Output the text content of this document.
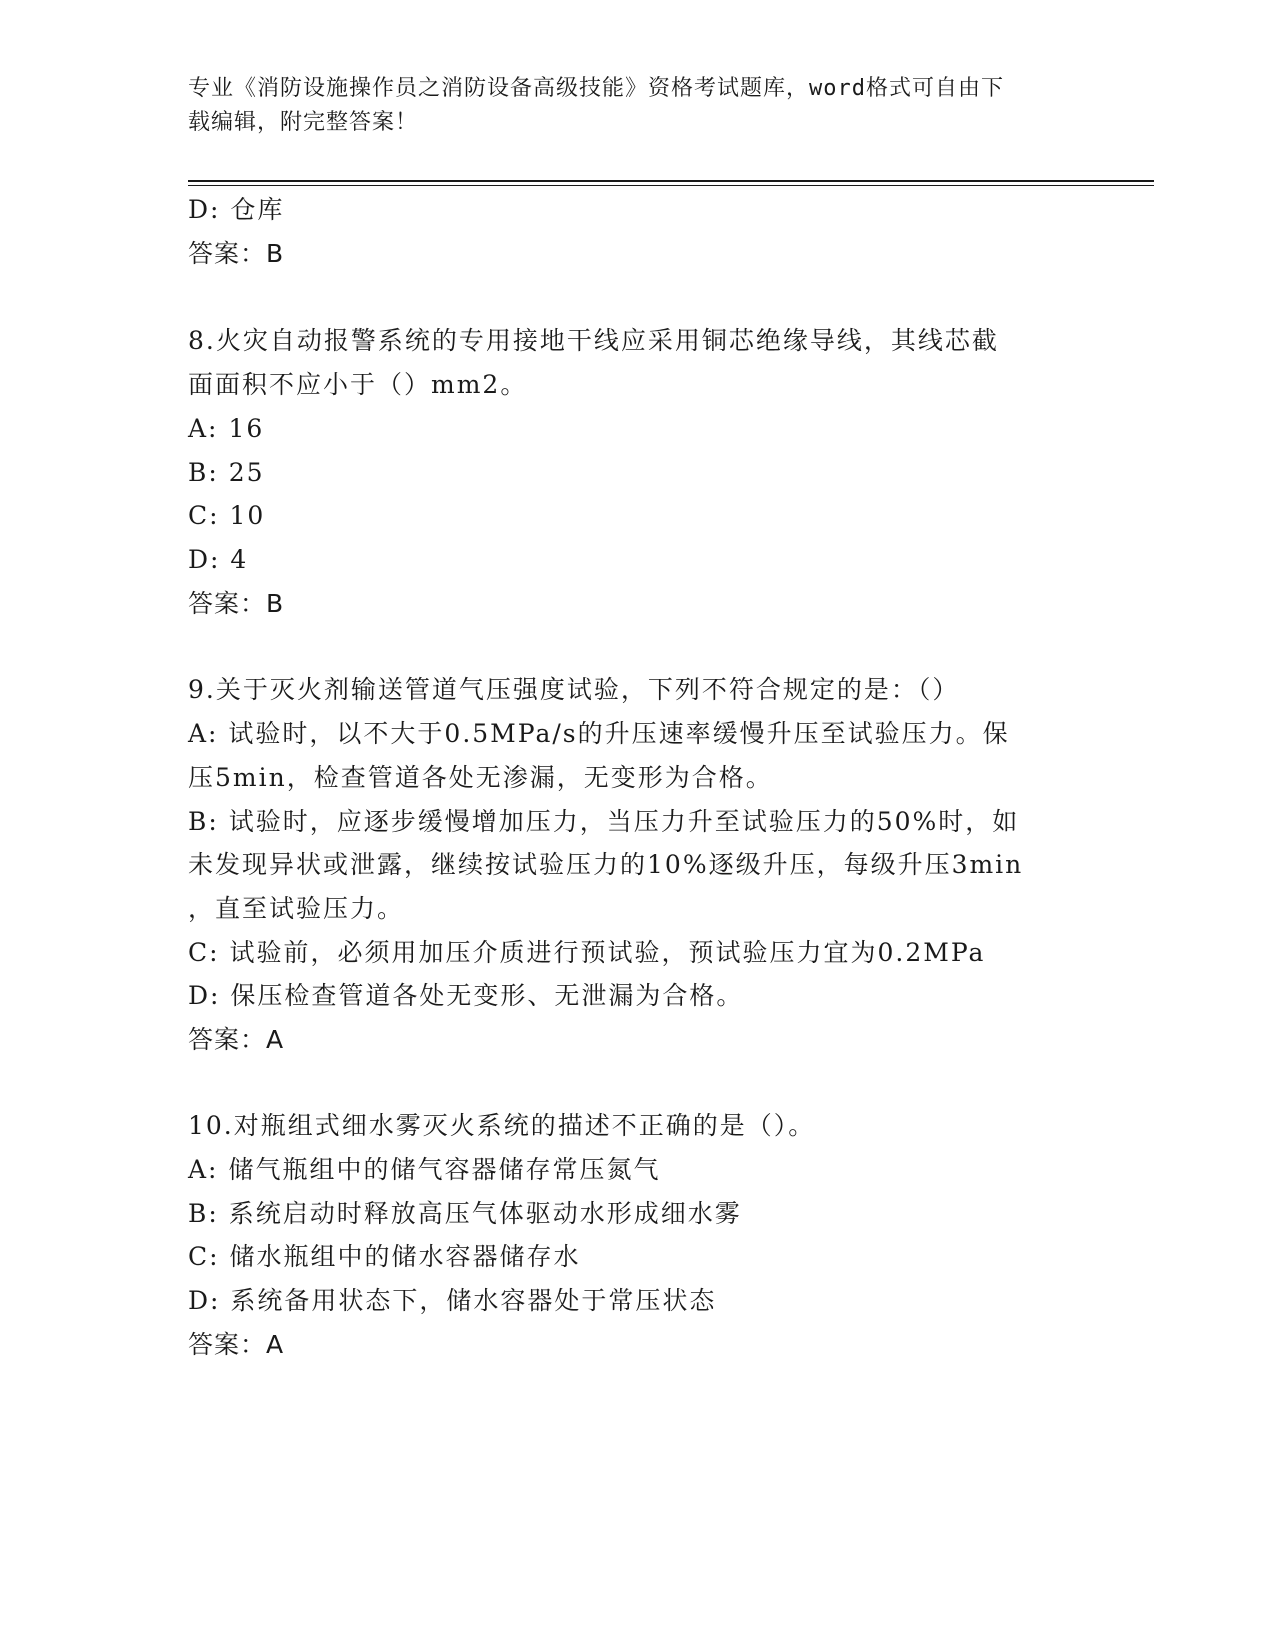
专业《消防设施操作员之消防设备高级技能》资格考试题库，word格式可自由下
载编辑，附完整答案！
D: 仓库
答案：B
8.火灾自动报警系统的专用接地干线应采用铜芯绝缘导线，其线芯截
面面积不应小于（）mm2。
A: 16
B: 25
C: 10
D: 4
答案：B
9.关于灭火剂输送管道气压强度试验，下列不符合规定的是：（）
A: 试验时，以不大于0.5MPa/s的升压速率缓慢升压至试验压力。保
压5min，检查管道各处无渗漏，无变形为合格。
B: 试验时，应逐步缓慢增加压力，当压力升至试验压力的50%时，如
未发现异状或泄露，继续按试验压力的10%逐级升压，每级升压3min
，直至试验压力。
C: 试验前，必须用加压介质进行预试验，预试验压力宜为0.2MPa
D: 保压检查管道各处无变形、无泄漏为合格。
答案：A
10.对瓶组式细水雾灭火系统的描述不正确的是（）。
A: 储气瓶组中的储气容器储存常压氮气
B: 系统启动时释放高压气体驱动水形成细水雾
C: 储水瓶组中的储水容器储存水
D: 系统备用状态下，储水容器处于常压状态
答案：A
